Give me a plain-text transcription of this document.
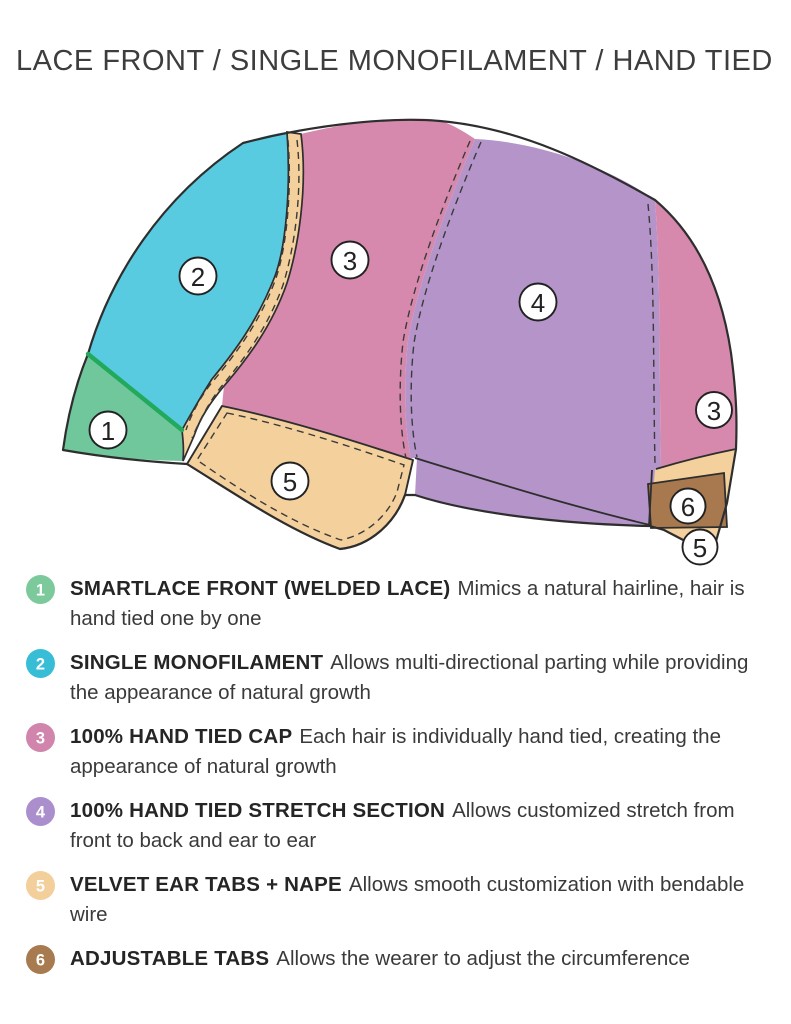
LACE FRONT / SINGLE MONOFILAMENT / HAND TIED
1
2
3
4
3
5
6
5
1 SMARTLACE FRONT (WELDED LACE) Mimics a natural hairline, hair is hand tied one by one
2 SINGLE MONOFILAMENT Allows multi-directional parting while providing the appearance of natural growth
3 100% HAND TIED CAP Each hair is individually hand tied, creating the appearance of natural growth
4 100% HAND TIED STRETCH SECTION Allows customized stretch from front to back and ear to ear
5 VELVET EAR TABS + NAPE Allows smooth customization with bendable wire
6 ADJUSTABLE TABS Allows the wearer to adjust the circumference
